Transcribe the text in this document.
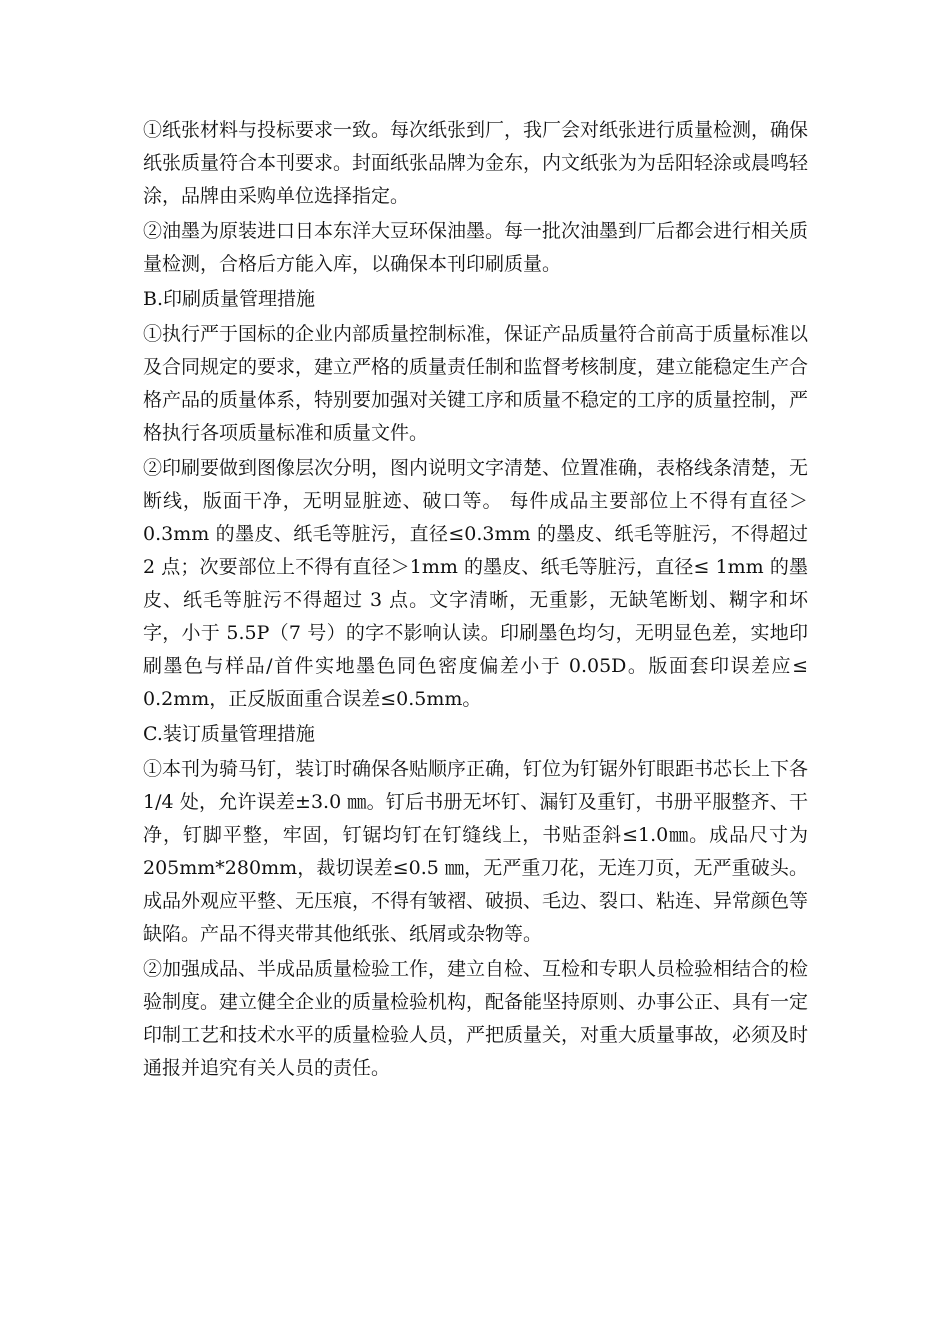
①纸张材料与投标要求一致。每次纸张到厂，我厂会对纸张进行质量检测，确保纸张质量符合本刊要求。封面纸张品牌为金东，内文纸张为为岳阳轻涂或晨鸣轻涂，品牌由采购单位选择指定。

②油墨为原装进口日本东洋大豆环保油墨。每一批次油墨到厂后都会进行相关质量检测，合格后方能入库，以确保本刊印刷质量。

B.印刷质量管理措施

①执行严于国标的企业内部质量控制标准，保证产品质量符合前高于质量标准以及合同规定的要求，建立严格的质量责任制和监督考核制度，建立能稳定生产合格产品的质量体系，特别要加强对关键工序和质量不稳定的工序的质量控制，严格执行各项质量标准和质量文件。

②印刷要做到图像层次分明，图内说明文字清楚、位置准确，表格线条清楚，无断线，版面干净，无明显脏迹、破口等。 每件成品主要部位上不得有直径＞0.3mm 的墨皮、纸毛等脏污，直径≤0.3mm 的墨皮、纸毛等脏污，不得超过 2 点；次要部位上不得有直径＞1mm 的墨皮、纸毛等脏污，直径≤ 1mm 的墨皮、纸毛等脏污不得超过 3 点。文字清晰，无重影，无缺笔断划、糊字和坏字，小于 5.5P（7 号）的字不影响认读。印刷墨色均匀，无明显色差，实地印刷墨色与样品/首件实地墨色同色密度偏差小于 0.05D。版面套印误差应≤ 0.2mm，正反版面重合误差≤0.5mm。

C.装订质量管理措施

①本刊为骑马钉，装订时确保各贴顺序正确，钉位为钉锯外钉眼距书芯长上下各 1/4 处，允许误差±3.0 ㎜。钉后书册无坏钉、漏钉及重钉，书册平服整齐、干净，钉脚平整，牢固，钉锯均钉在钉缝线上，书贴歪斜≤1.0㎜。成品尺寸为205mm*280mm，裁切误差≤0.5 ㎜，无严重刀花，无连刀页，无严重破头。成品外观应平整、无压痕，不得有皱褶、破损、毛边、裂口、粘连、异常颜色等缺陷。产品不得夹带其他纸张、纸屑或杂物等。

②加强成品、半成品质量检验工作，建立自检、互检和专职人员检验相结合的检验制度。建立健全企业的质量检验机构，配备能坚持原则、办事公正、具有一定印制工艺和技术水平的质量检验人员，严把质量关，对重大质量事故，必须及时通报并追究有关人员的责任。
